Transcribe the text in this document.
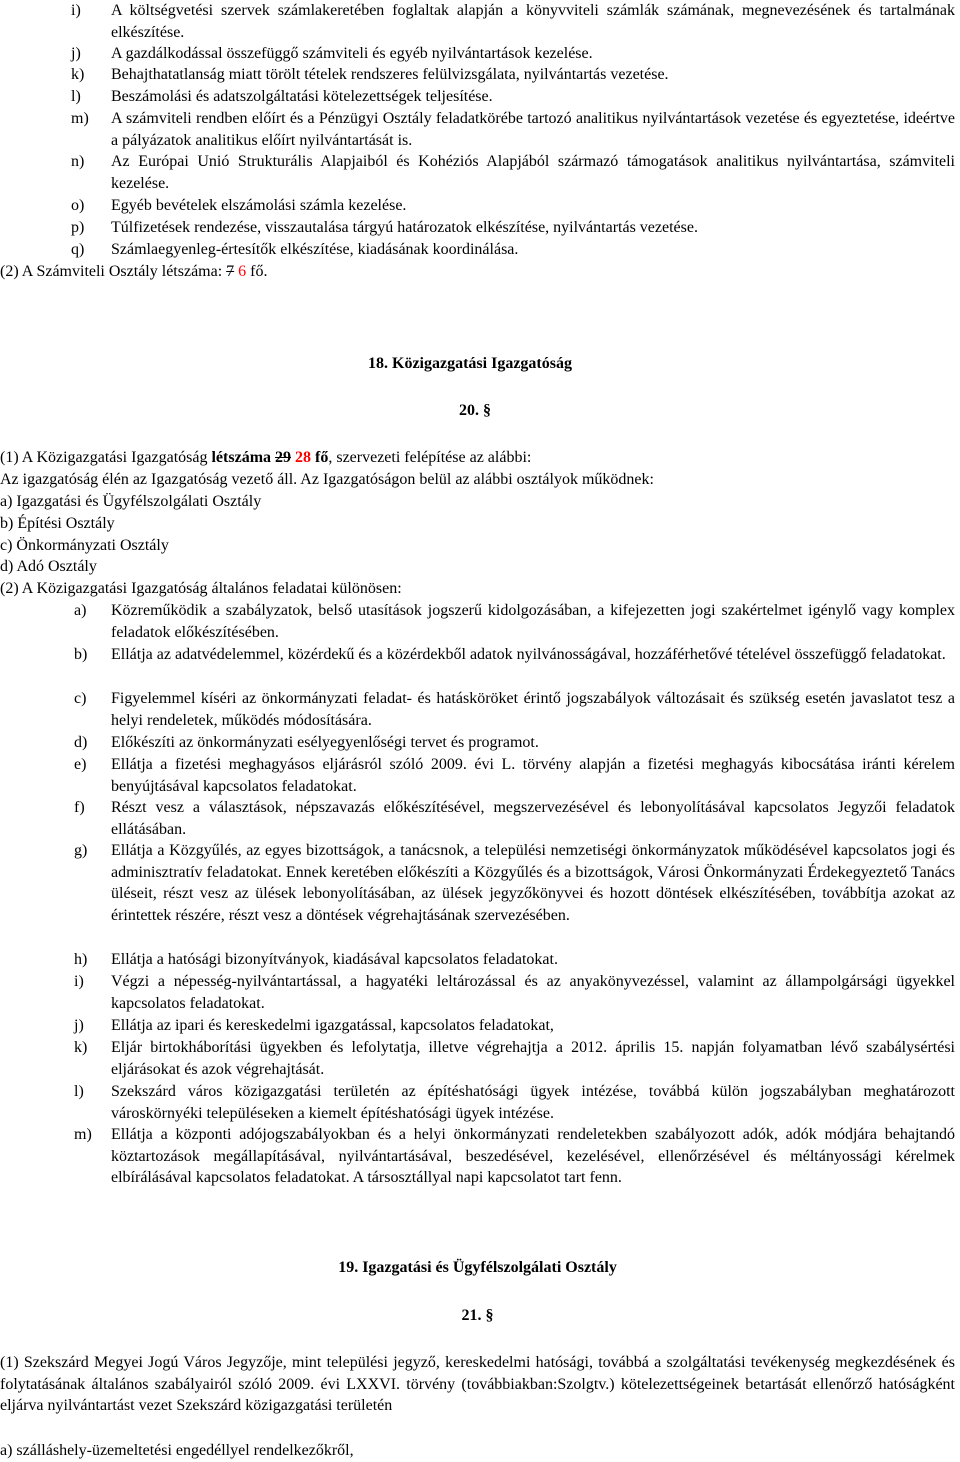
i) A költségvetési szervek számlakeretében foglaltak alapján a könyvviteli számlák számának, megnevezésének és tartalmának elkészítése.
j) A gazdálkodással összefüggő számviteli és egyéb nyilvántartások kezelése.
k) Behajthatatlanság miatt törölt tételek rendszeres felülvizsgálata, nyilvántartás vezetése.
l) Beszámolási és adatszolgáltatási kötelezettségek teljesítése.
m) A számviteli rendben előírt és a Pénzügyi Osztály feladatkörébe tartozó analitikus nyilvántartások vezetése és egyeztetése, ideértve a pályázatok analitikus előírt nyilvántartását is.
n) Az Európai Unió Strukturális Alapjaiból és Kohéziós Alapjából származó támogatások analitikus nyilvántartása, számviteli kezelése.
o) Egyéb bevételek elszámolási számla kezelése.
p) Túlfizetések rendezése, visszautalása tárgyú határozatok elkészítése, nyilvántartás vezetése.
q) Számlaegyenleg-értesítők elkészítése, kiadásának koordinálása.
(2) A Számviteli Osztály létszáma: 7 6 fő.
18. Közigazgatási Igazgatóság
20. §
(1) A Közigazgatási Igazgatóság létszáma 29 28 fő, szervezeti felépítése az alábbi:
Az igazgatóság élén az Igazgatóság vezető áll. Az Igazgatóságon belül az alábbi osztályok működnek:
a) Igazgatási és Ügyfélszolgálati Osztály
b) Építési Osztály
c) Önkormányzati Osztály
d) Adó Osztály
(2) A Közigazgatási Igazgatóság általános feladatai különösen:
a) Közreműködik a szabályzatok, belső utasítások jogszerű kidolgozásában, a kifejezetten jogi szakértelmet igénylő vagy komplex feladatok előkészítésében.
b) Ellátja az adatvédelemmel, közérdekű és a közérdekből adatok nyilvánosságával, hozzáférhetővé tételével összefüggő feladatokat.
c) Figyelemmel kíséri az önkormányzati feladat- és hatásköröket érintő jogszabályok változásait és szükség esetén javaslatot tesz a helyi rendeletek, működés módosítására.
d) Előkészíti az önkormányzati esélyegyenlőségi tervet és programot.
e) Ellátja a fizetési meghagyásos eljárásról szóló 2009. évi L. törvény alapján a fizetési meghagyás kibocsátása iránti kérelem benyújtásával kapcsolatos feladatokat.
f) Részt vesz a választások, népszavazás előkészítésével, megszervezésével és lebonyolításával kapcsolatos Jegyzői feladatok ellátásában.
g) Ellátja a Közgyűlés, az egyes bizottságok, a tanácsnok, a települési nemzetiségi önkormányzatok működésével kapcsolatos jogi és adminisztratív feladatokat. Ennek keretében előkészíti a Közgyűlés és a bizottságok, Városi Önkormányzati Érdekegyeztető Tanács üléseit, részt vesz az ülések lebonyolításában, az ülések jegyzőkönyvei és hozott döntések elkészítésében, továbbítja azokat az érintettek részére, részt vesz a döntések végrehajtásának szervezésében.
h) Ellátja a hatósági bizonyítványok, kiadásával kapcsolatos feladatokat.
i) Végzi a népesség-nyilvántartással, a hagyatéki leltározással és az anyakönyvezéssel, valamint az állampolgársági ügyekkel kapcsolatos feladatokat.
j) Ellátja az ipari és kereskedelmi igazgatással, kapcsolatos feladatokat,
k) Eljár birtokháborítási ügyekben és lefolytatja, illetve végrehajtja a 2012. április 15. napján folyamatban lévő szabálysértési eljárásokat és azok végrehajtását.
l) Szekszárd város közigazgatási területén az építéshatósági ügyek intézése, továbbá külön jogszabályban meghatározott városkörnyéki településeken a kiemelt építéshatósági ügyek intézése.
m) Ellátja a központi adójogszabályokban és a helyi önkormányzati rendeletekben szabályozott adók, adók módjára behajtandó köztartozások megállapításával, nyilvántartásával, beszedésével, kezelésével, ellenőrzésével és méltányossági kérelmek elbírálásával kapcsolatos feladatokat. A társosztállyal napi kapcsolatot tart fenn.
19. Igazgatási és Ügyfélszolgálati Osztály
21. §
(1) Szekszárd Megyei Jogú Város Jegyzője, mint települési jegyző, kereskedelmi hatósági, továbbá a szolgáltatási tevékenység megkezdésének és folytatásának általános szabályairól szóló 2009. évi LXXVI. törvény (továbbiakban:Szolgtv.) kötelezettségeinek betartását ellenőrző hatóságként eljárva nyilvántartást vezet Szekszárd közigazgatási területén
a) szálláshely-üzemeltetési engedéllyel rendelkezőkről,
